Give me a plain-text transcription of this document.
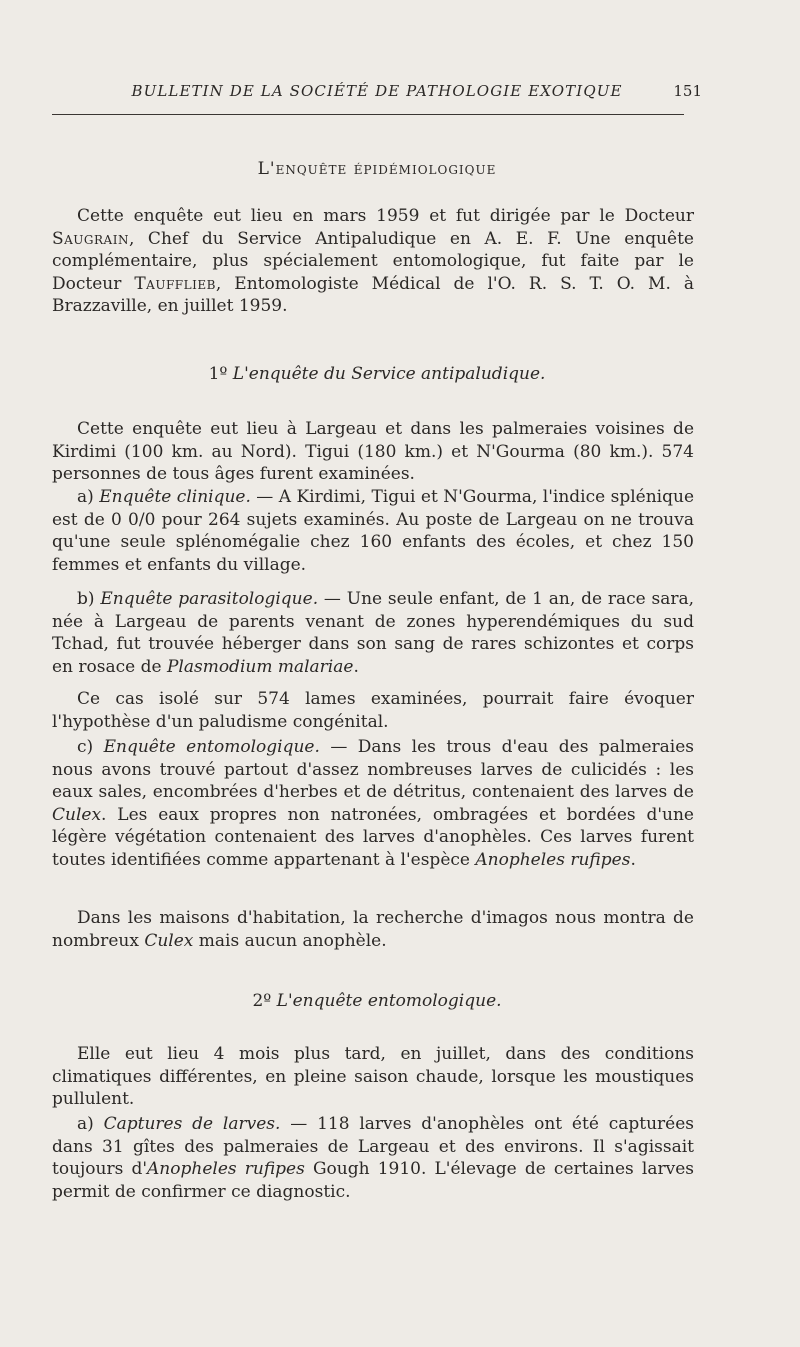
BULLETIN DE LA SOCIÉTÉ DE PATHOLOGIE EXOTIQUE	151
L'enquête épidémiologique

Cette enquête eut lieu en mars 1959 et fut dirigée par le Docteur Saugrain, Chef du Service Antipaludique en A. E. F. Une enquête complémentaire, plus spécialement entomologique, fut faite par le Docteur Taufflieb, Entomologiste Médical de l'O. R. S. T. O. M. à Brazzaville, en juillet 1959.

1º L'enquête du Service antipaludique.

Cette enquête eut lieu à Largeau et dans les palmeraies voisines de Kirdimi (100 km. au Nord). Tigui (180 km.) et N'Gourma (80 km.). 574 personnes de tous âges furent examinées.

a) Enquête clinique. — A Kirdimi, Tigui et N'Gourma, l'indice splénique est de 0 0/0 pour 264 sujets examinés. Au poste de Largeau on ne trouva qu'une seule splénomégalie chez 160 enfants des écoles, et chez 150 femmes et enfants du village.

b) Enquête parasitologique. — Une seule enfant, de 1 an, de race sara, née à Largeau de parents venant de zones hyperendémiques du sud Tchad, fut trouvée héberger dans son sang de rares schizontes et corps en rosace de Plasmodium malariae.

Ce cas isolé sur 574 lames examinées, pourrait faire évoquer l'hypothèse d'un paludisme congénital.

c) Enquête entomologique. — Dans les trous d'eau des palmeraies nous avons trouvé partout d'assez nombreuses larves de culicidés : les eaux sales, encombrées d'herbes et de détritus, contenaient des larves de Culex. Les eaux propres non natronées, ombragées et bordées d'une légère végétation contenaient des larves d'anophèles. Ces larves furent toutes identifiées comme appartenant à l'espèce Anopheles rufipes.

Dans les maisons d'habitation, la recherche d'imagos nous montra de nombreux Culex mais aucun anophèle.

2º L'enquête entomologique.

Elle eut lieu 4 mois plus tard, en juillet, dans des conditions climatiques différentes, en pleine saison chaude, lorsque les moustiques pullulent.

a) Captures de larves. — 118 larves d'anophèles ont été capturées dans 31 gîtes des palmeraies de Largeau et des environs. Il s'agissait toujours d'Anopheles rufipes Gough 1910. L'élevage de certaines larves permit de confirmer ce diagnostic.
